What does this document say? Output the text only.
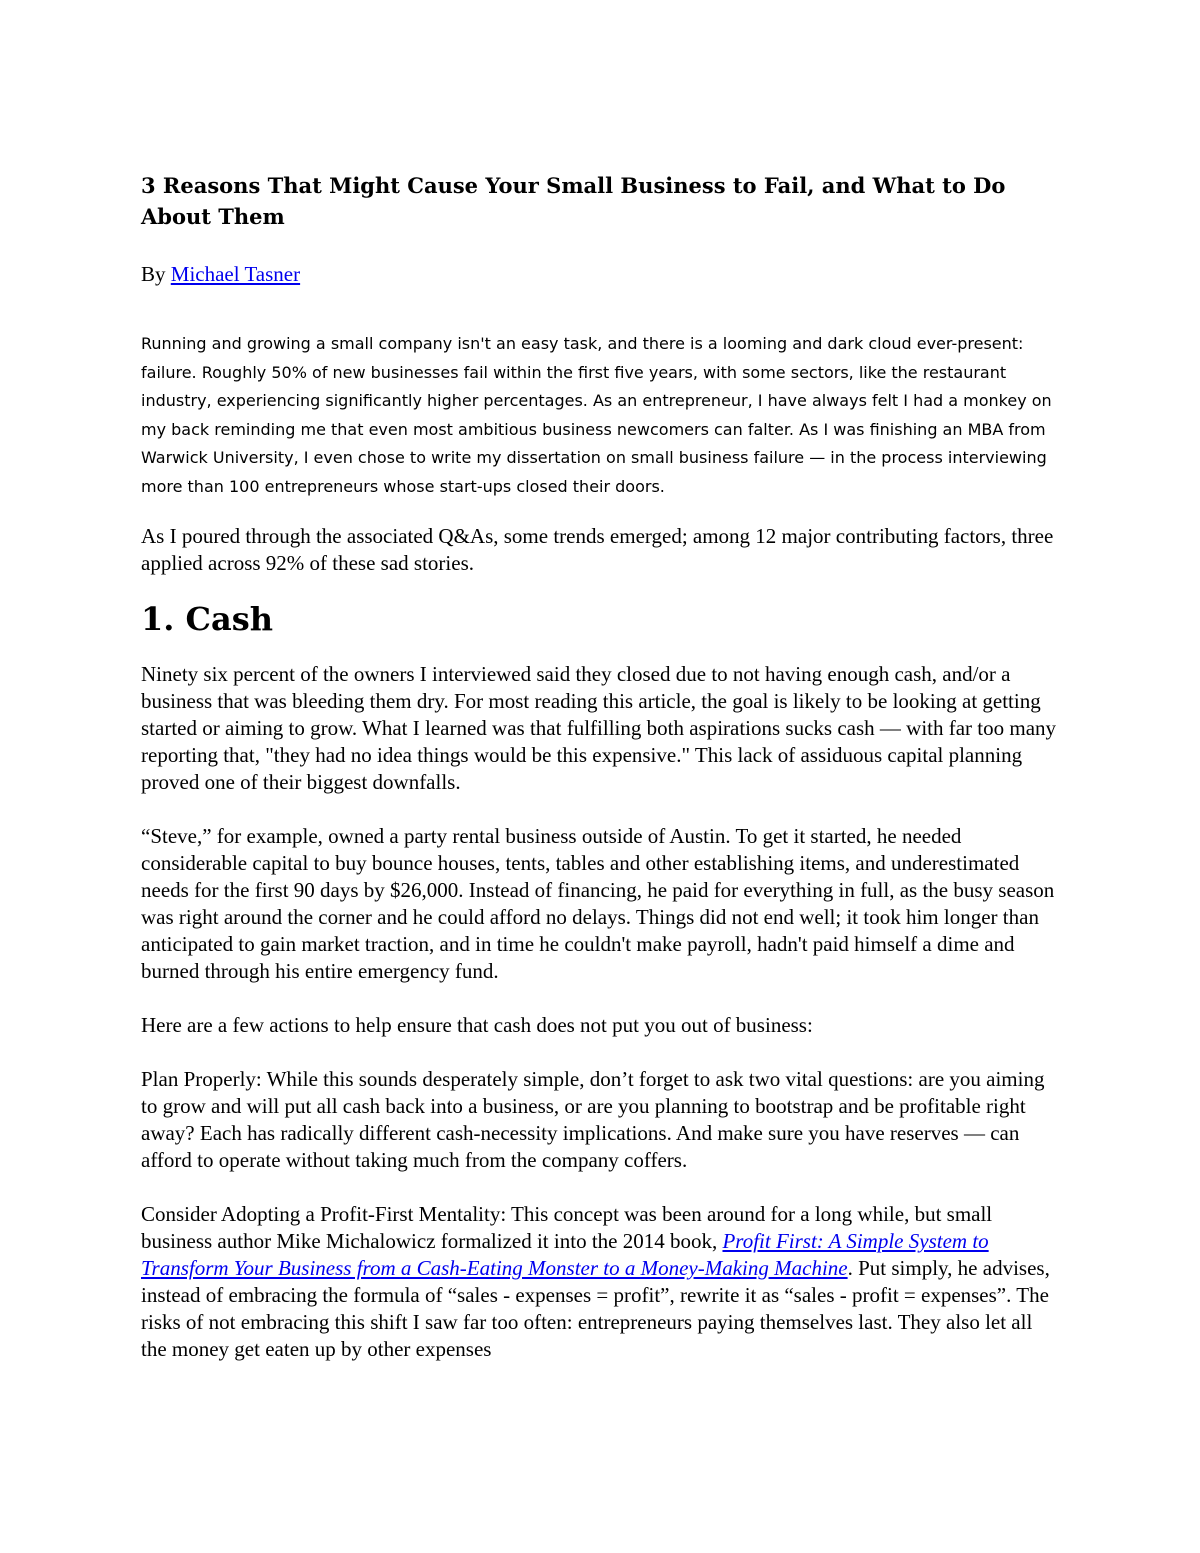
3 Reasons That Might Cause Your Small Business to Fail, and What to Do About Them

By Michael Tasner

Running and growing a small company isn't an easy task, and there is a looming and dark cloud ever-present: failure. Roughly 50% of new businesses fail within the first five years, with some sectors, like the restaurant industry, experiencing significantly higher percentages. As an entrepreneur, I have always felt I had a monkey on my back reminding me that even most ambitious business newcomers can falter. As I was finishing an MBA from Warwick University, I even chose to write my dissertation on small business failure — in the process interviewing more than 100 entrepreneurs whose start-ups closed their doors.

As I poured through the associated Q&As, some trends emerged; among 12 major contributing factors, three applied across 92% of these sad stories.

1. Cash

Ninety six percent of the owners I interviewed said they closed due to not having enough cash, and/or a business that was bleeding them dry. For most reading this article, the goal is likely to be looking at getting started or aiming to grow. What I learned was that fulfilling both aspirations sucks cash — with far too many reporting that, "they had no idea things would be this expensive." This lack of assiduous capital planning proved one of their biggest downfalls.

“Steve,” for example, owned a party rental business outside of Austin. To get it started, he needed considerable capital to buy bounce houses, tents, tables and other establishing items, and underestimated needs for the first 90 days by $26,000. Instead of financing, he paid for everything in full, as the busy season was right around the corner and he could afford no delays. Things did not end well; it took him longer than anticipated to gain market traction, and in time he couldn't make payroll, hadn't paid himself a dime and burned through his entire emergency fund.

Here are a few actions to help ensure that cash does not put you out of business:

Plan Properly: While this sounds desperately simple, don’t forget to ask two vital questions: are you aiming to grow and will put all cash back into a business, or are you planning to bootstrap and be profitable right away? Each has radically different cash-necessity implications. And make sure you have reserves — can afford to operate without taking much from the company coffers.

Consider Adopting a Profit-First Mentality: This concept was been around for a long while, but small business author Mike Michalowicz formalized it into the 2014 book, Profit First: A Simple System to Transform Your Business from a Cash-Eating Monster to a Money-Making Machine. Put simply, he advises, instead of embracing the formula of “sales - expenses = profit”, rewrite it as “sales - profit = expenses”. The risks of not embracing this shift I saw far too often: entrepreneurs paying themselves last. They also let all the money get eaten up by other expenses
